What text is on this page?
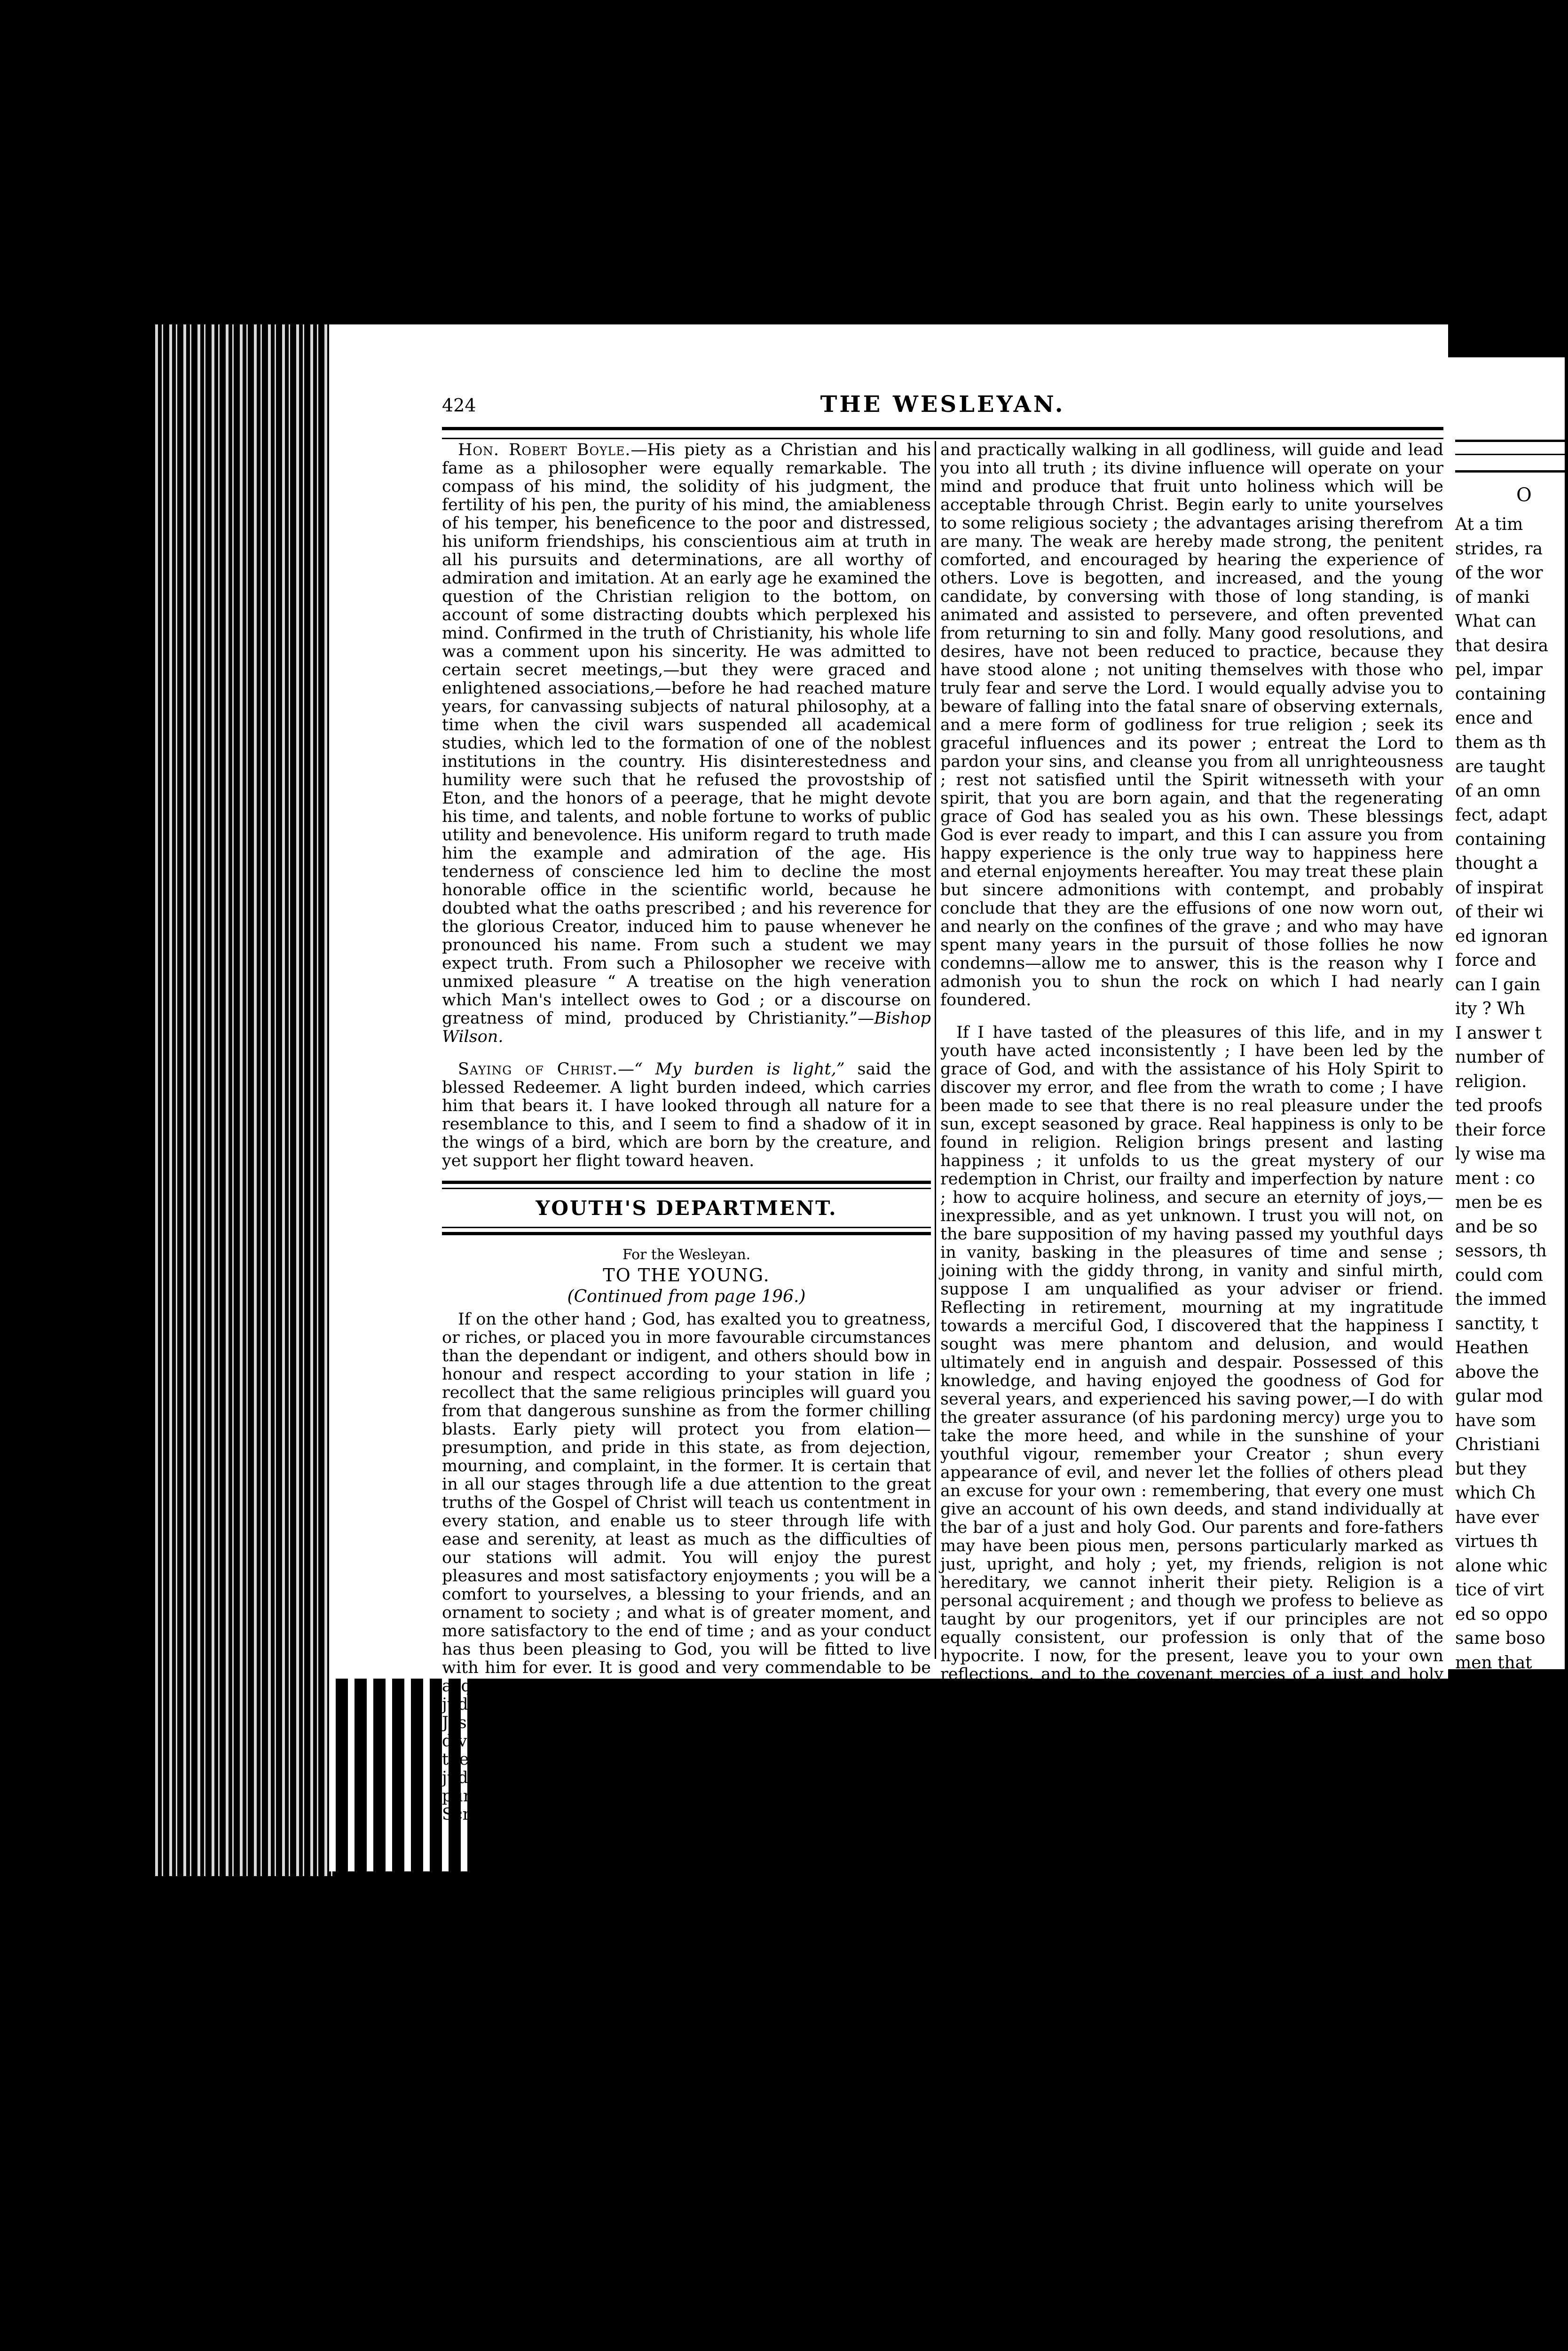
424	THE WESLEYAN.

Hon. Robert Boyle.—His piety as a Christian and his fame as a philosopher were equally remarkable. The compass of his mind, the solidity of his judgment, the fertility of his pen, the purity of his mind, the amiableness of his temper, his beneficence to the poor and distressed, his uniform friendships, his conscientious aim at truth in all his pursuits and determinations, are all worthy of admiration and imitation. At an early age he examined the question of the Christian religion to the bottom, on account of some distracting doubts which perplexed his mind. Confirmed in the truth of Christianity, his whole life was a comment upon his sincerity. He was admitted to certain secret meetings,—but they were graced and enlightened associations,—before he had reached mature years, for canvassing subjects of natural philosophy, at a time when the civil wars suspended all academical studies, which led to the formation of one of the noblest institutions in the country. His disinterestedness and humility were such that he refused the provostship of Eton, and the honors of a peerage, that he might devote his time, and talents, and noble fortune to works of public utility and benevolence. His uniform regard to truth made him the example and admiration of the age. His tenderness of conscience led him to decline the most honorable office in the scientific world, because he doubted what the oaths prescribed ; and his reverence for the glorious Creator, induced him to pause whenever he pronounced his name. From such a student we may expect truth. From such a Philosopher we receive with unmixed pleasure “ A treatise on the high veneration which Man's intellect owes to God ; or a discourse on greatness of mind, produced by Christianity.”—Bishop Wilson.

Saying of Christ.—“ My burden is light,” said the blessed Redeemer. A light burden indeed, which carries him that bears it. I have looked through all nature for a resemblance to this, and I seem to find a shadow of it in the wings of a bird, which are born by the creature, and yet support her flight toward heaven.

YOUTH'S DEPARTMENT.
For the Wesleyan.
TO THE YOUNG.
(Continued from page 196.)

If on the other hand ; God, has exalted you to greatness, or riches, or placed you in more favourable circumstances than the dependant or indigent, and others should bow in honour and respect according to your station in life ; recollect that the same religious principles will guard you from that dangerous sunshine as from the former chilling blasts. Early piety will protect you from elation—presumption, and pride in this state, as from dejection, mourning, and complaint, in the former. It is certain that in all our stages through life a due attention to the great truths of the Gospel of Christ will teach us contentment in every station, and enable us to steer through life with ease and serenity, at least as much as the difficulties of our stations will admit. You will enjoy the purest pleasures and most satisfactory enjoyments ; you will be a comfort to yourselves, a blessing to your friends, and an ornament to society ; and what is of greater moment, and more satisfactory to the end of time ; and as your conduct has thus been pleasing to God, you will be fitted to live with him for ever. It is good and very commendable to be acquainted with Divine Revelation, to possess a sound judgment in the important doctrines of the Gospel of Jesus Christ,—of human depravity,—or of original sin—the divinity and atonement of our Redeemer—regeneration by the Holy Spirit—justification by faith—of the last judgment, and certainty of future rewards and punishments—a frequent perusal of the Sacred Scriptures, assisted by prayer, rightly understanding

and practically walking in all godliness, will guide and lead you into all truth ; its divine influence will operate on your mind and produce that fruit unto holiness which will be acceptable through Christ. Begin early to unite yourselves to some religious society ; the advantages arising therefrom are many. The weak are hereby made strong, the penitent comforted, and encouraged by hearing the experience of others. Love is begotten, and increased, and the young candidate, by conversing with those of long standing, is animated and assisted to persevere, and often prevented from returning to sin and folly. Many good resolutions, and desires, have not been reduced to practice, because they have stood alone ; not uniting themselves with those who truly fear and serve the Lord. I would equally advise you to beware of falling into the fatal snare of observing externals, and a mere form of godliness for true religion ; seek its graceful influences and its power ; entreat the Lord to pardon your sins, and cleanse you from all unrighteousness ; rest not satisfied until the Spirit witnesseth with your spirit, that you are born again, and that the regenerating grace of God has sealed you as his own. These blessings God is ever ready to impart, and this I can assure you from happy experience is the only true way to happiness here and eternal enjoyments hereafter. You may treat these plain but sincere admonitions with contempt, and probably conclude that they are the effusions of one now worn out, and nearly on the confines of the grave ; and who may have spent many years in the pursuit of those follies he now condemns—allow me to answer, this is the reason why I admonish you to shun the rock on which I had nearly foundered.

If I have tasted of the pleasures of this life, and in my youth have acted inconsistently ; I have been led by the grace of God, and with the assistance of his Holy Spirit to discover my error, and flee from the wrath to come ; I have been made to see that there is no real pleasure under the sun, except seasoned by grace. Real happiness is only to be found in religion. Religion brings present and lasting happiness ; it unfolds to us the great mystery of our redemption in Christ, our frailty and imperfection by nature ; how to acquire holiness, and secure an eternity of joys,—inexpressible, and as yet unknown. I trust you will not, on the bare supposition of my having passed my youthful days in vanity, basking in the pleasures of time and sense ; joining with the giddy throng, in vanity and sinful mirth, suppose I am unqualified as your adviser or friend. Reflecting in retirement, mourning at my ingratitude towards a merciful God, I discovered that the happiness I sought was mere phantom and delusion, and would ultimately end in anguish and despair. Possessed of this knowledge, and having enjoyed the goodness of God for several years, and experienced his saving power,—I do with the greater assurance (of his pardoning mercy) urge you to take the more heed, and while in the sunshine of your youthful vigour, remember your Creator ; shun every appearance of evil, and never let the follies of others plead an excuse for your own : remembering, that every one must give an account of his own deeds, and stand individually at the bar of a just and holy God. Our parents and fore-fathers may have been pious men, persons particularly marked as just, upright, and holy ; yet, my friends, religion is not hereditary, we cannot inherit their piety. Religion is a personal acquirement ; and though we profess to believe as taught by our progenitors, yet if our principles are not equally consistent, our profession is only that of the hypocrite. I now, for the present, leave you to your own reflections, and to the covenant mercies of a just and holy God. He is ever ready to hear and answer the cry of every true penitent ; praying that his grace may enable you to close in with the overtures of mercy, remembering, that now is the accepted time ; now is the day of salvation.

Windsor, Sept. 1838.	A FRIEND OF YOUTH.
O
At a tim
strides, ra
of the wor
of manki
What can
that desira
pel, impar
containing
ence and
them as th
are taught
of an omn
fect, adapt
containing
thought a
of inspirat
of their wi
ed ignoran
force and
can I gain
ity ? Wh
I answer t
number of
religion.
ted proofs
their force
ly wise ma
ment : co
men be es
and be so
sessors, th
could com
the immed
sanctity, t
Heathen
above the
gular mod
have som
Christiani
but they
which Ch
have ever
virtues th
alone whic
tice of virt
ed so oppo
same boso
men that
faults in th
place, refl
number, in
and sublin
ble simpli
tion, which
racter of t
the greate
to remove
of whom t
